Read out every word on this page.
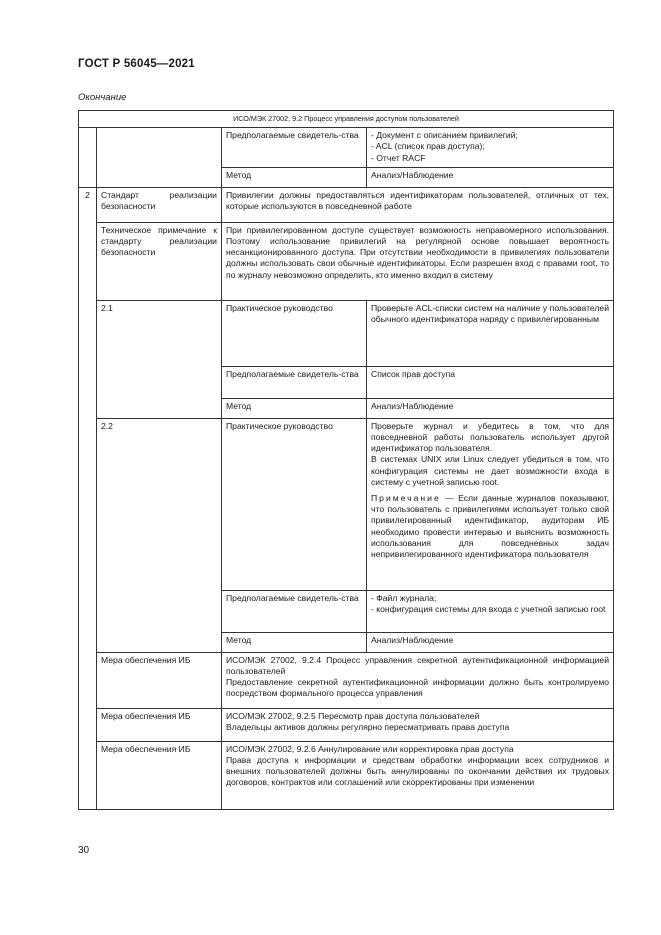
ГОСТ Р 56045—2021
Окончание
ИСО/МЭК 27002, 9.2 Процесс управления доступом пользователей			
		Предполагаемые свидетель-ства	- Документ с описанием привилегий;
- ACL (список прав доступа);
- Отчет RACF

		Метод	Анализ/Наблюдение
2	Стандарт реализации безопасности	Привилегии должны предоставляться идентификаторам пользователей, отличных от тех, которые используются в повседневной работе	
	Техническое примечание к стандарту реализации безопасности	При привилегированном доступе существует возможность неправомерного использования. Поэтому использование привилегий на регулярной основе повышает вероятность несанкционированного доступа. При отсутствии необходимости в привилегиях пользователи должны использовать свои обычные идентификаторы. Если разрешен вход с правами root, то по журналу невозможно определить, кто именно входил в систему	
	2.1	Практическое руководство	Проверьте ACL-списки систем на наличие у пользователей обычного идентификатора наряду с привилегированным
		Предполагаемые свидетель-ства	Список прав доступа
		Метод	Анализ/Наблюдение
	2.2	Практическое руководство	Проверьте журнал и убедитесь в том, что для повседневной работы пользователь использует другой идентификатор пользователя.
В системах UNIX или Linux следует убедиться в том, что конфигурация системы не дает возможности входа в систему с учетной записью root.
Примечание — Если данные журналов показывают, что пользователь с привилегиями использует только свой привилегированный идентификатор, аудиторам ИБ необходимо провести интервью и выяснить возможность использования для повседневных задач непривилегированного идентификатора пользователя

		Предполагаемые свидетель-ства	- Файл журнала;
- конфигурация системы для входа с учетной записью root

		Метод	Анализ/Наблюдение
	Мера обеспечения ИБ	ИСО/МЭК 27002, 9.2.4 Процесс управления секретной аутентификационной информацией пользователей
Предоставление секретной аутентификационной информации должно быть контролируемо посредством формального процесса управления	

	Мера обеспечения ИБ	ИСО/МЭК 27002, 9.2.5 Пересмотр прав доступа пользователей
Владельцы активов должны регулярно пересматривать права доступа	

	Мера обеспечения ИБ	ИСО/МЭК 27002, 9.2.6 Аннулирование или корректировка прав доступа
Права доступа к информации и средствам обработки информации всех сотрудников и внешних пользователей должны быть аннулированы по окончании действия их трудовых договоров, контрактов или соглашений или скорректированы при изменении	
30
